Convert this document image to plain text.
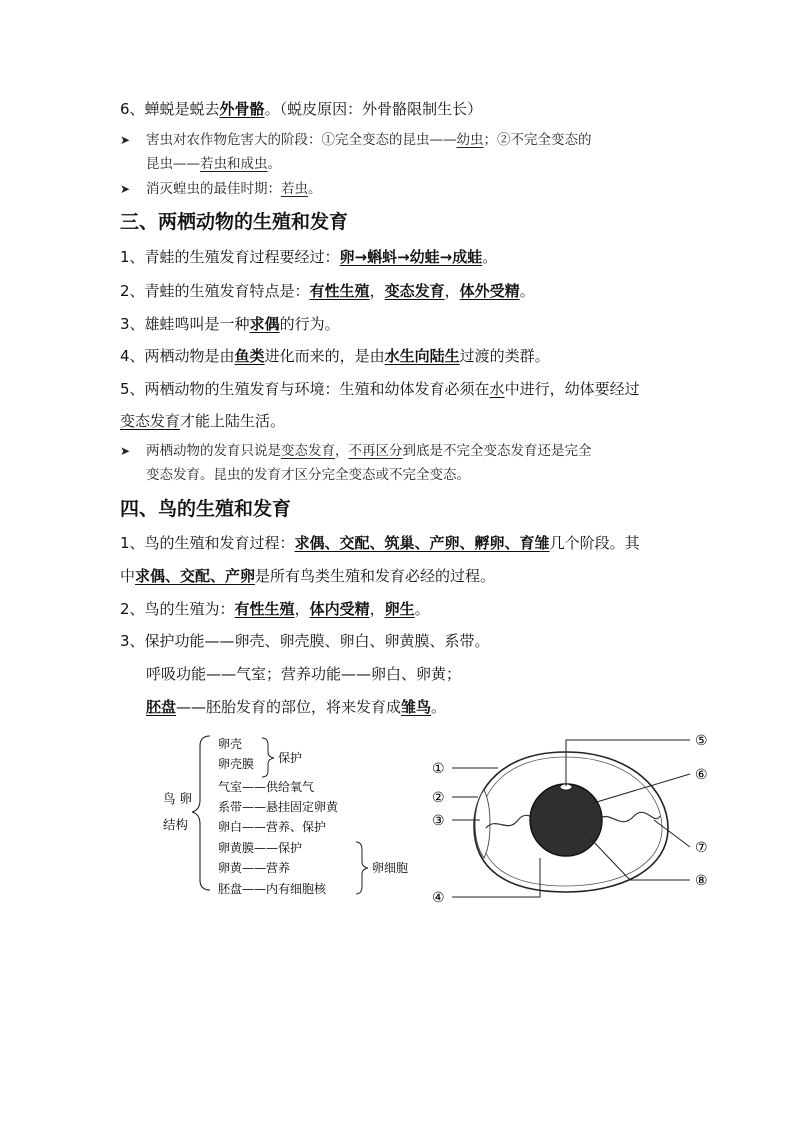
6、蝉蜕是蜕去外骨骼。（蜕皮原因：外骨骼限制生长）
➤ 害虫对农作物危害大的阶段：①完全变态的昆虫——幼虫；②不完全变态的
昆虫——若虫和成虫。
➤ 消灭蝗虫的最佳时期：若虫。
三、两栖动物的生殖和发育
1、青蛙的生殖发育过程要经过：卵→蝌蚪→幼蛙→成蛙。
2、青蛙的生殖发育特点是：有性生殖，变态发育，体外受精。
3、雄蛙鸣叫是一种求偶的行为。
4、两栖动物是由鱼类进化而来的，是由水生向陆生过渡的类群。
5、两栖动物的生殖发育与环境：生殖和幼体发育必须在水中进行，幼体要经过
变态发育才能上陆生活。
➤ 两栖动物的发育只说是变态发育，不再区分到底是不完全变态发育还是完全
变态发育。昆虫的发育才区分完全变态或不完全变态。
四、鸟的生殖和发育
1、鸟的生殖和发育过程：求偶、交配、筑巢、产卵、孵卵、育雏几个阶段。其
中求偶、交配、产卵是所有鸟类生殖和发育必经的过程。
2、鸟的生殖为：有性生殖，体内受精，卵生。
3、保护功能——卵壳、卵壳膜、卵白、卵黄膜、系带。
呼吸功能——气室；营养功能——卵白、卵黄；
胚盘——胚胎发育的部位，将来发育成雏鸟。
鸟 卵
结构
卵壳
卵壳膜 保护
气室——供给氧气
系带——悬挂固定卵黄
卵白——营养、保护
卵黄膜——保护
卵黄——营养
胚盘——内有细胞核
卵细胞
①
②
③
④
⑤
⑥
⑦
⑧
